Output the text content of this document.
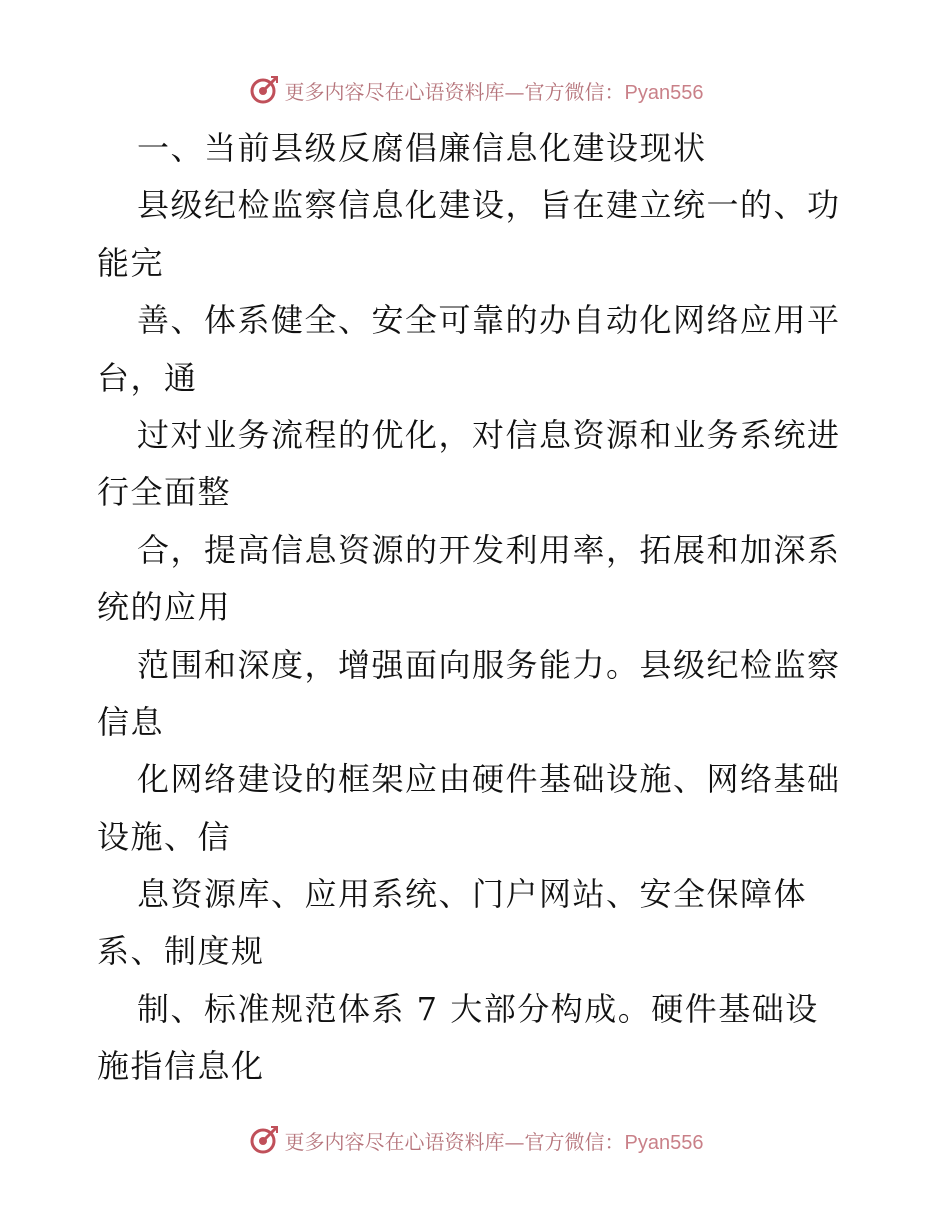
更多内容尽在心语资料库—官方微信：Pyan556
一、当前县级反腐倡廉信息化建设现状
县级纪检监察信息化建设，旨在建立统一的、功
能完
善、体系健全、安全可靠的办自动化网络应用平
台，通
过对业务流程的优化，对信息资源和业务系统进
行全面整
合，提高信息资源的开发利用率，拓展和加深系
统的应用
范围和深度，增强面向服务能力。县级纪检监察
信息
化网络建设的框架应由硬件基础设施、网络基础
设施、信
息资源库、应用系统、门户网站、安全保障体
系、制度规
制、标准规范体系 7 大部分构成。硬件基础设
施指信息化
更多内容尽在心语资料库—官方微信：Pyan556
